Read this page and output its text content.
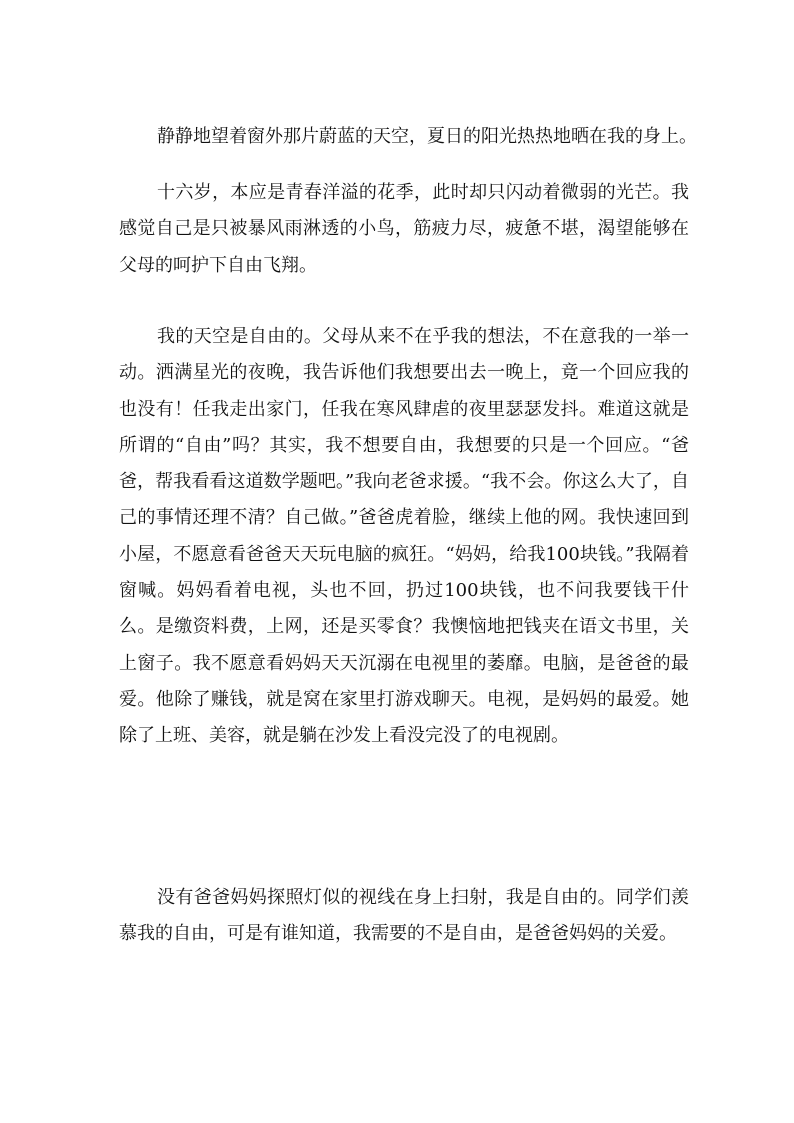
静静地望着窗外那片蔚蓝的天空，夏日的阳光热热地晒在我的身上。

十六岁，本应是青春洋溢的花季，此时却只闪动着微弱的光芒。我感觉自己是只被暴风雨淋透的小鸟，筋疲力尽，疲惫不堪，渴望能够在父母的呵护下自由飞翔。

我的天空是自由的。父母从来不在乎我的想法，不在意我的一举一动。洒满星光的夜晚，我告诉他们我想要出去一晚上，竟一个回应我的也没有！任我走出家门，任我在寒风肆虐的夜里瑟瑟发抖。难道这就是所谓的“自由”吗？其实，我不想要自由，我想要的只是一个回应。“爸爸，帮我看看这道数学题吧。”我向老爸求援。“我不会。你这么大了，自己的事情还理不清？自己做。”爸爸虎着脸，继续上他的网。我快速回到小屋，不愿意看爸爸天天玩电脑的疯狂。“妈妈，给我100块钱。”我隔着窗喊。妈妈看着电视，头也不回，扔过100块钱，也不问我要钱干什么。是缴资料费，上网，还是买零食？我懊恼地把钱夹在语文书里，关上窗子。我不愿意看妈妈天天沉溺在电视里的萎靡。电脑，是爸爸的最爱。他除了赚钱，就是窝在家里打游戏聊天。电视，是妈妈的最爱。她除了上班、美容，就是躺在沙发上看没完没了的电视剧。

没有爸爸妈妈探照灯似的视线在身上扫射，我是自由的。同学们羡慕我的自由，可是有谁知道，我需要的不是自由，是爸爸妈妈的关爱。
